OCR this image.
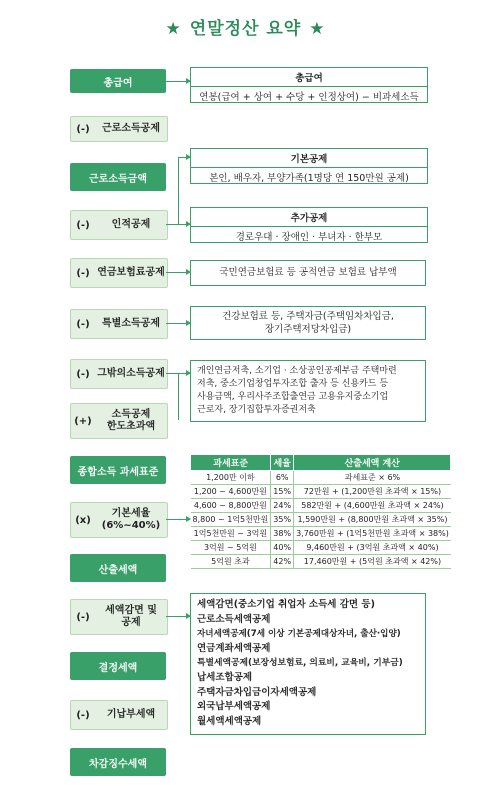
★ 연말정산 요약 ★
총급여
(-)	근로소득공제
근로소득금액
(-)	인적공제
(-) 연금보험료공제
(-)	특별소득공제
(-) 그밖의소득공제
(+)
소득공제
한도초과액
종합소득 과세표준
(x)
기본세율
(6%~40%)
산출세액
(-)
세액감면 및
공제
결정세액
(-)	기납부세액
차감징수세액
총급여
연봉(급여 + 상여 + 수당 + 인정상여) − 비과세소득
기본공제
본인, 배우자, 부양가족(1명당 연 150만원 공제)
추가공제
경로우대 · 장애인 · 부녀자 · 한부모
국민연금보험료 등 공적연금 보험료 납부액
건강보험료 등, 주택자금(주택임차차입금,
장기주택저당차입금)
개인연금저축, 소기업 · 소상공인공제부금 주택마련
저축, 중소기업창업투자조합 출자 등 신용카드 등
사용금액, 우리사주조합출연금 고용유지중소기업
근로자, 장기집합투자증권저축
과세표준	세율	산출세액 계산
1,200만 이하	6%	과세표준 × 6%
1,200 ~ 4,600만원	15%	72만원 + (1,200만원 초과액 × 15%)
4,600 ~ 8,800만원	24%	582만원 + (4,600만원 초과액 × 24%)
8,800 ~ 1억5천만원	35%	1,590만원 + (8,800만원 초과액 × 35%)
1억5천만원 ~ 3억원	38%	3,760만원 + (1억5천만원 초과액 × 38%)
3억원 ~ 5억원	40%	9,460만원 + (3억원 초과액 × 40%)
5억원 초과	42%	17,460만원 + (5억원 초과액 × 42%)
세액감면(중소기업 취업자 소득세 감면 등)
근로소득세액공제
자녀세액공제(7세 이상 기본공제대상자녀, 출산·입양)
연금계좌세액공제
특별세액공제(보장성보험료, 의료비, 교육비, 기부금)
납세조합공제
주택자금차입금이자세액공제
외국납부세액공제
월세액세액공제
